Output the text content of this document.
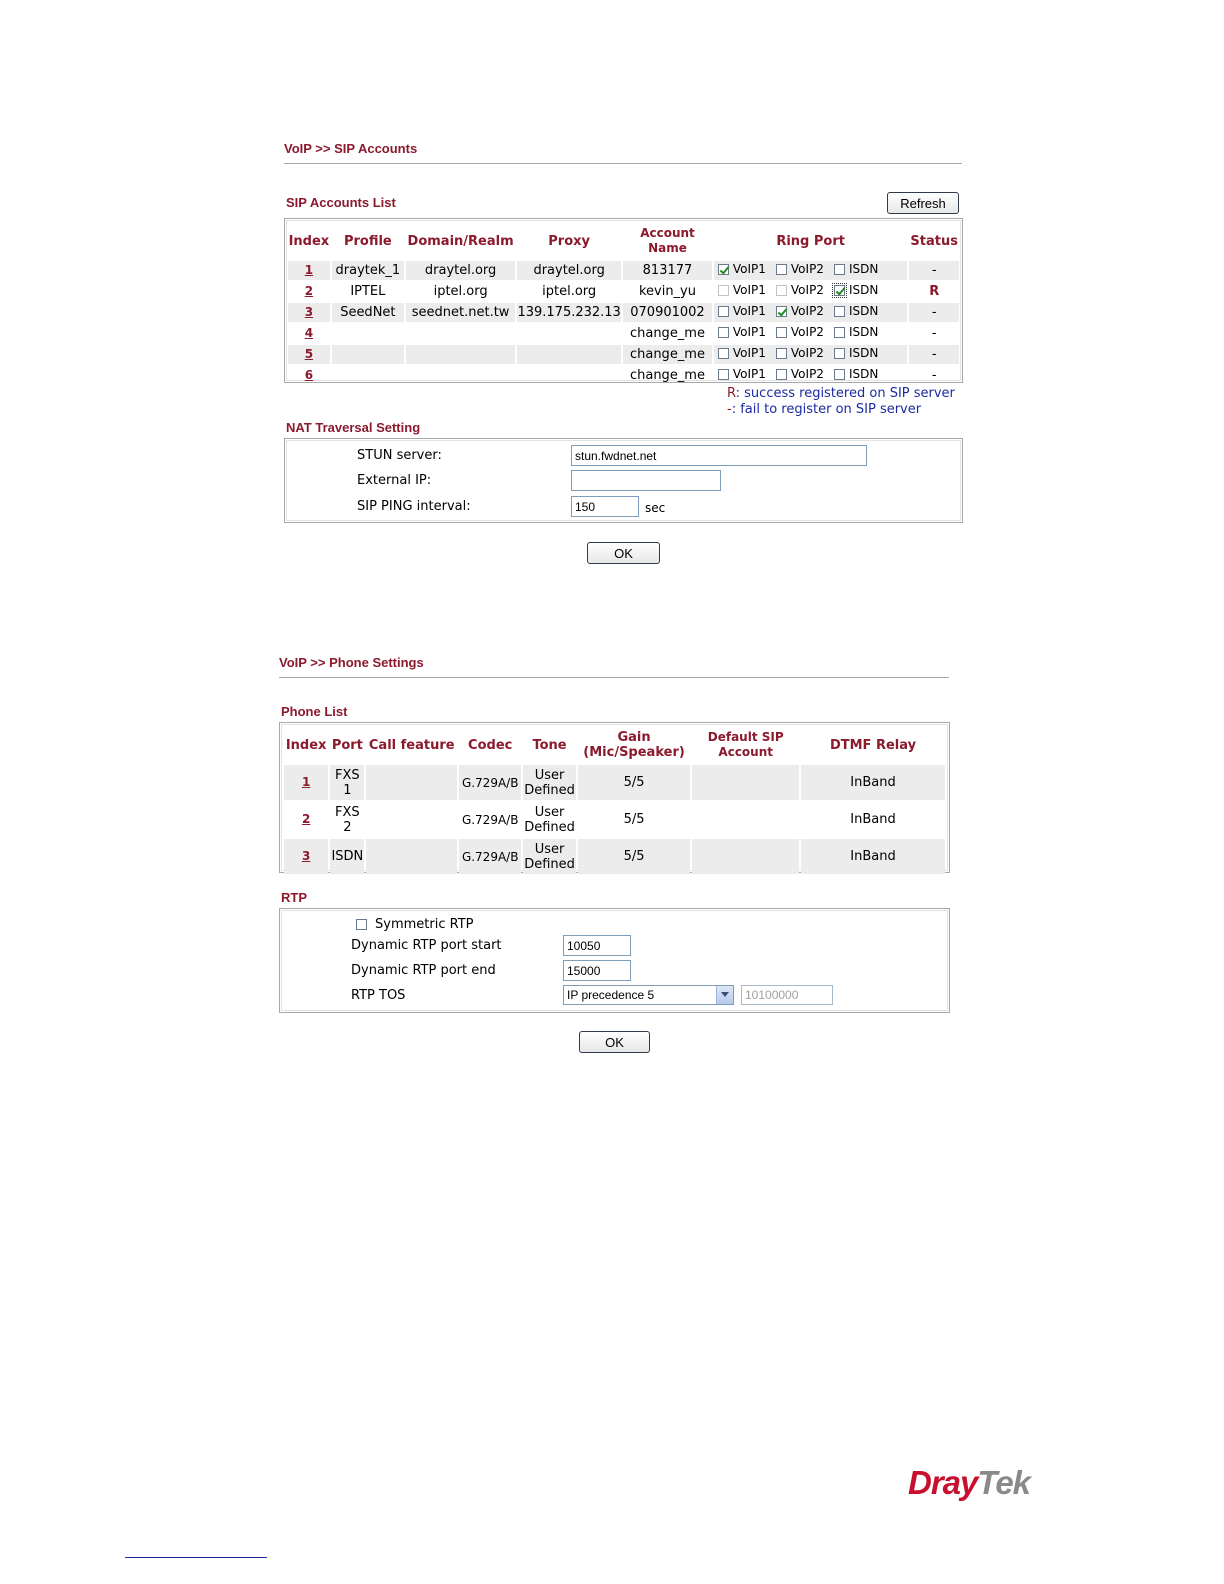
VoIP >> SIP Accounts
SIP Accounts List	Refresh
Index	Profile	Domain/Realm	Proxy	Account Name	Ring Port	Status
1	draytek_1	draytel.org	draytel.org	813177	VoIP1 VoIP2 ISDN	-
2	IPTEL	iptel.org	iptel.org	kevin_yu	VoIP1 VoIP2 ISDN	R
3	SeedNet	seednet.net.tw	139.175.232.13	070901002	VoIP1 VoIP2 ISDN	-
4				change_me	VoIP1 VoIP2 ISDN	-
5				change_me	VoIP1 VoIP2 ISDN	-
6				change_me	VoIP1 VoIP2 ISDN	-
R: success registered on SIP server
-: fail to register on SIP server
NAT Traversal Setting
STUN server:
stun.fwdnet.net
External IP:
SIP PING interval:
150	sec
OK
VoIP >> Phone Settings
Phone List
Index	Port	Call feature	Codec	Tone	Gain (Mic/Speaker)	Default SIP Account	DTMF Relay
1	FXS 1		G.729A/B	User Defined	5/5		InBand
2	FXS 2		G.729A/B	User Defined	5/5		InBand
3	ISDN		G.729A/B	User Defined	5/5		InBand
RTP
Symmetric RTP
Dynamic RTP port start
10050
Dynamic RTP port end
15000
RTP TOS	IP precedence 5
10100000
OK
DrayTek
